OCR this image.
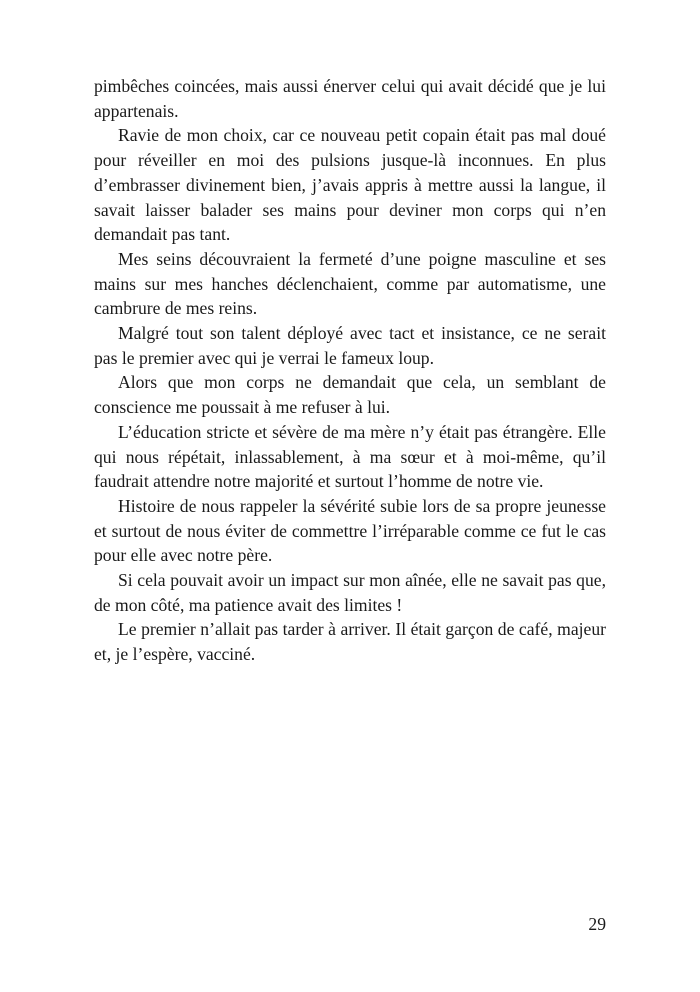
pimbêches coincées, mais aussi énerver celui qui avait décidé que je lui appartenais.

Ravie de mon choix, car ce nouveau petit copain était pas mal doué pour réveiller en moi des pulsions jusque-là inconnues. En plus d’embrasser divinement bien, j’avais appris à mettre aussi la langue, il savait laisser balader ses mains pour deviner mon corps qui n’en demandait pas tant.

Mes seins découvraient la fermeté d’une poigne masculine et ses mains sur mes hanches déclenchaient, comme par automatisme, une cambrure de mes reins.

Malgré tout son talent déployé avec tact et insistance, ce ne serait pas le premier avec qui je verrai le fameux loup.

Alors que mon corps ne demandait que cela, un semblant de conscience me poussait à me refuser à lui.

L’éducation stricte et sévère de ma mère n’y était pas étrangère. Elle qui nous répétait, inlassablement, à ma sœur et à moi-même, qu’il faudrait attendre notre majorité et surtout l’homme de notre vie.

Histoire de nous rappeler la sévérité subie lors de sa propre jeunesse et surtout de nous éviter de commettre l’irréparable comme ce fut le cas pour elle avec notre père.

Si cela pouvait avoir un impact sur mon aînée, elle ne savait pas que, de mon côté, ma patience avait des limites !

Le premier n’allait pas tarder à arriver. Il était garçon de café, majeur et, je l’espère, vacciné.

29
